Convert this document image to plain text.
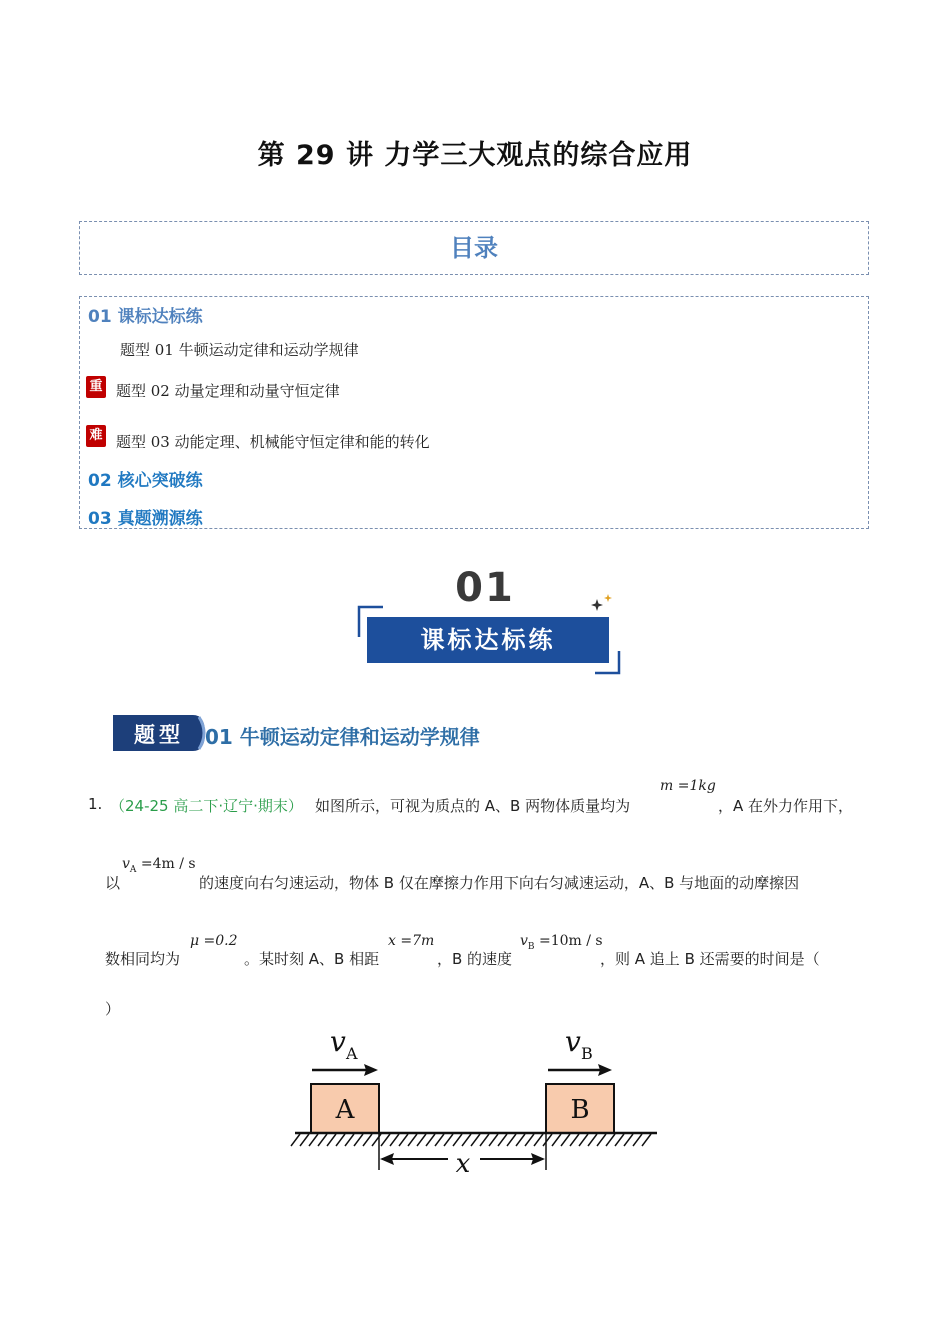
第 29 讲 力学三大观点的综合应用
目录
01 课标达标练
题型 01 牛顿运动定律和运动学规律
重 题型 02 动量定理和动量守恒定律
难 题型 03 动能定理、机械能守恒定律和能的转化
02 核心突破练
03 真题溯源练
01
课标达标练
题型	01 牛顿运动定律和运动学规律
1. （24-25 高二下·辽宁·期末） 如图所示，可视为质点的 A、B 两物体质量均为
m =1kg
，A 在外力作用下，
以
$v_A =4m / s$
的速度向右匀速运动，物体 B 仅在摩擦力作用下向右匀减速运动，A、B 与地面的动摩擦因
数相同均为
μ =0.2
。某时刻 A、B 相距
x =7m
，B 的速度
$v_B =10m / s$
，则 A 追上 B 还需要的时间是（
）
v A	v B
A	B
x
